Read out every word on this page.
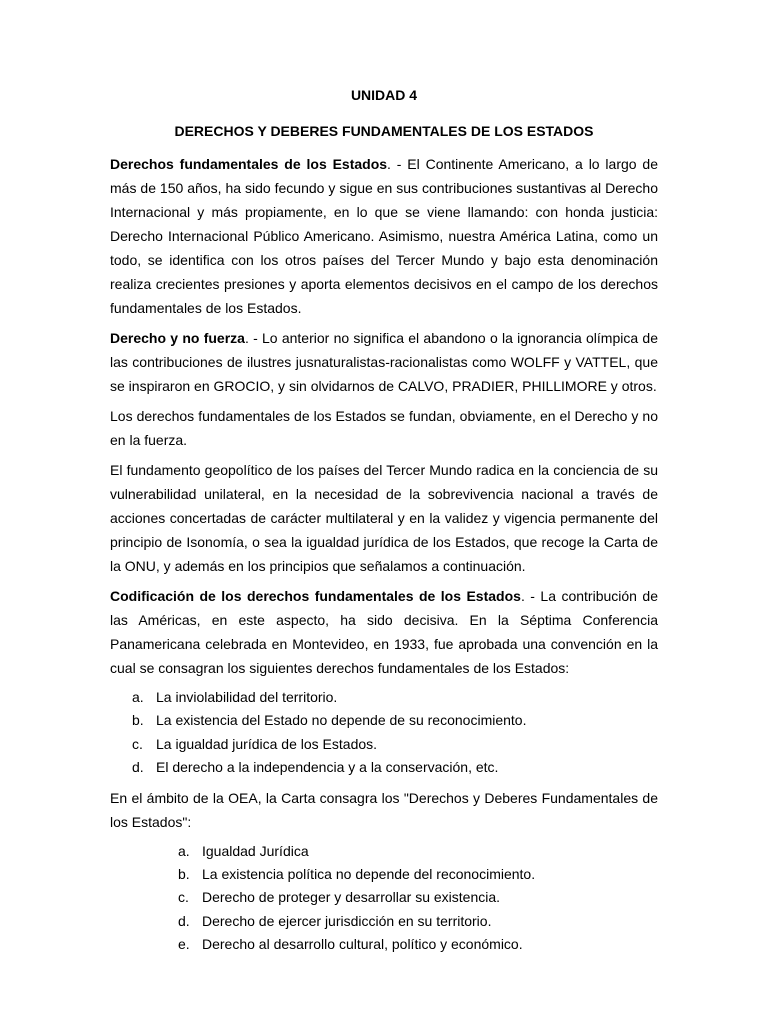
UNIDAD 4
DERECHOS Y DEBERES FUNDAMENTALES DE LOS ESTADOS

Derechos fundamentales de los Estados. - El Continente Americano, a lo largo de más de 150 años, ha sido fecundo y sigue en sus contribuciones sustantivas al Derecho Internacional y más propiamente, en lo que se viene llamando: con honda justicia: Derecho Internacional Público Americano. Asimismo, nuestra América Latina, como un todo, se identifica con los otros países del Tercer Mundo y bajo esta denominación realiza crecientes presiones y aporta elementos decisivos en el campo de los derechos fundamentales de los Estados.

Derecho y no fuerza. - Lo anterior no significa el abandono o la ignorancia olímpica de las contribuciones de ilustres jusnaturalistas-racionalistas como WOLFF y VATTEL, que se inspiraron en GROCIO, y sin olvidarnos de CALVO, PRADIER, PHILLIMORE y otros.

Los derechos fundamentales de los Estados se fundan, obviamente, en el Derecho y no en la fuerza.

El fundamento geopolítico de los países del Tercer Mundo radica en la conciencia de su vulnerabilidad unilateral, en la necesidad de la sobrevivencia nacional a través de acciones concertadas de carácter multilateral y en la validez y vigencia permanente del principio de Isonomía, o sea la igualdad jurídica de los Estados, que recoge la Carta de la ONU, y además en los principios que señalamos a continuación.

Codificación de los derechos fundamentales de los Estados. - La contribución de las Américas, en este aspecto, ha sido decisiva. En la Séptima Conferencia Panamericana celebrada en Montevideo, en 1933, fue aprobada una convención en la cual se consagran los siguientes derechos fundamentales de los Estados:

a. La inviolabilidad del territorio.
b. La existencia del Estado no depende de su reconocimiento.
c. La igualdad jurídica de los Estados.
d. El derecho a la independencia y a la conservación, etc.

En el ámbito de la OEA, la Carta consagra los "Derechos y Deberes Fundamentales de los Estados":

a. Igualdad Jurídica
b. La existencia política no depende del reconocimiento.
c. Derecho de proteger y desarrollar su existencia.
d. Derecho de ejercer jurisdicción en su territorio.
e. Derecho al desarrollo cultural, político y económico.
